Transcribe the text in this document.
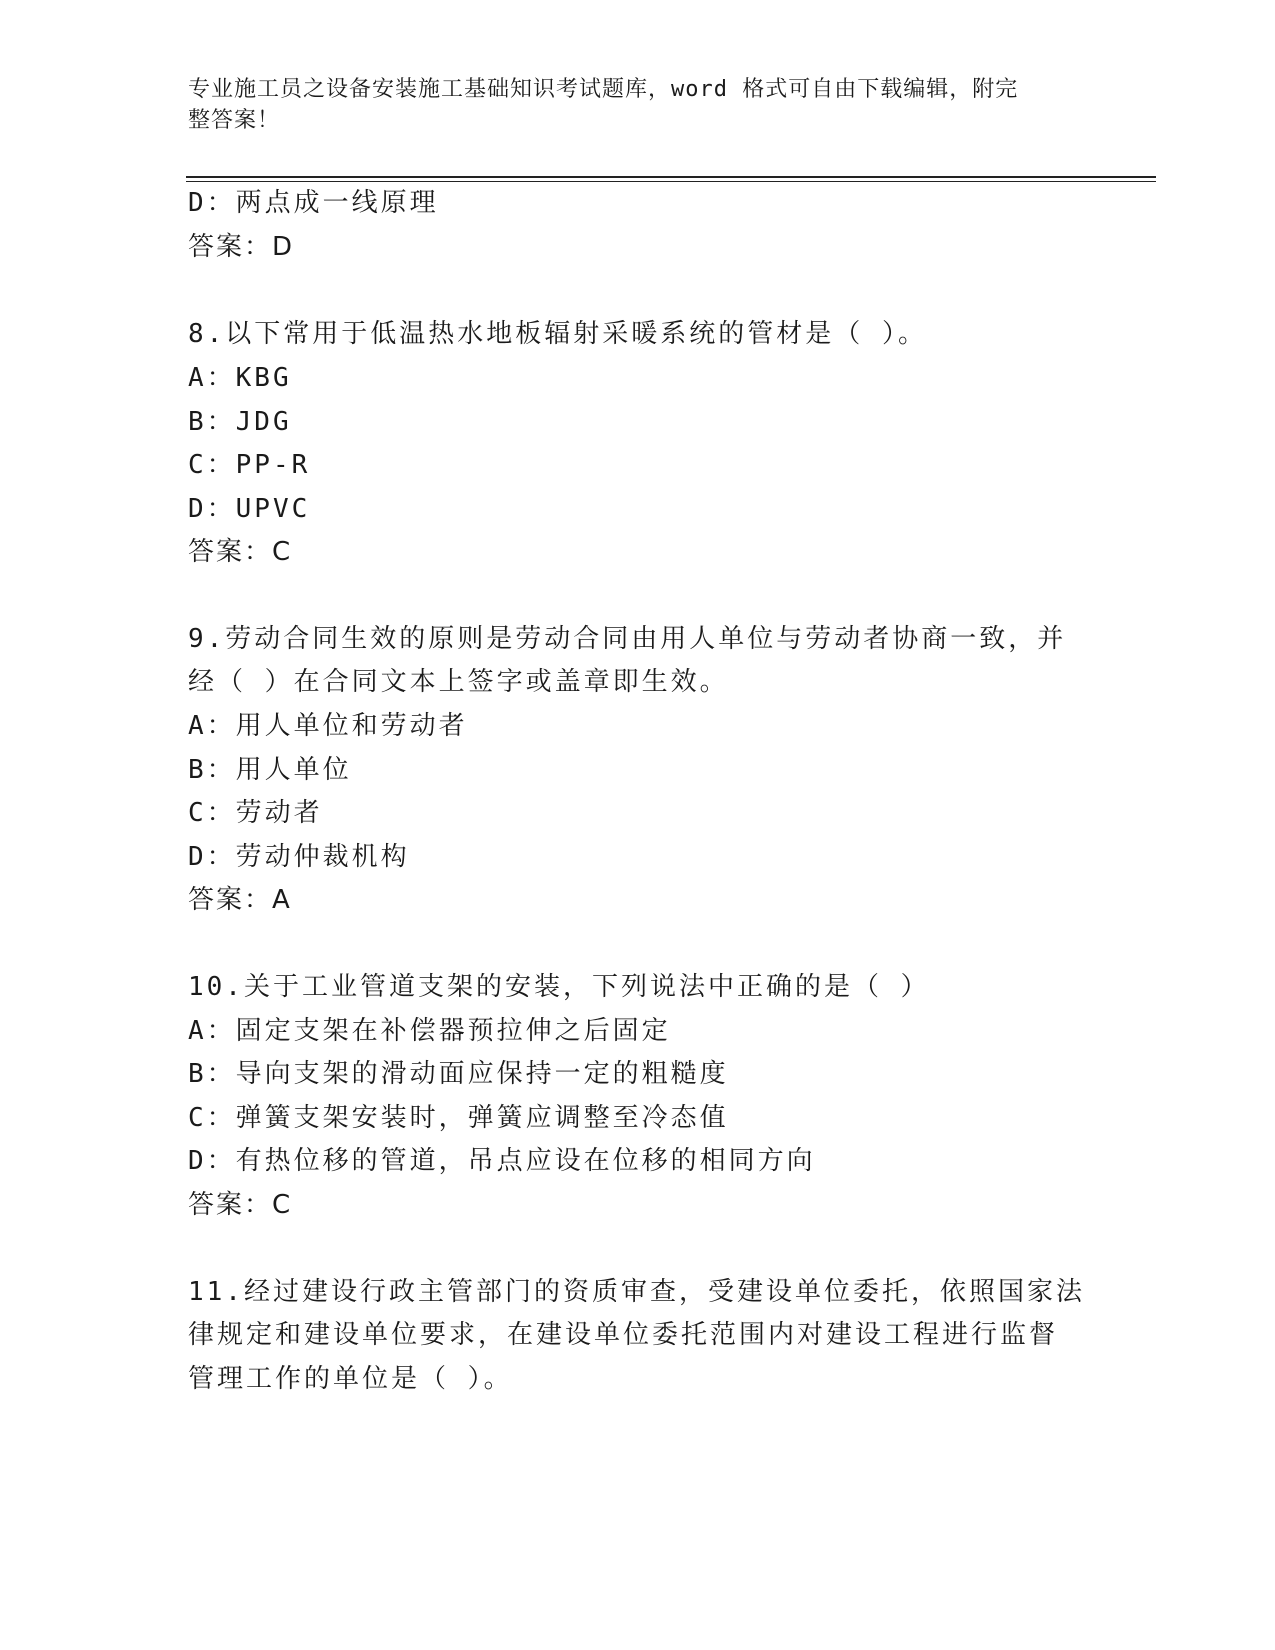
专业施工员之设备安装施工基础知识考试题库，word 格式可自由下载编辑，附完
整答案！
D：两点成一线原理
答案：D
8.以下常用于低温热水地板辐射采暖系统的管材是（ ）。
A：KBG
B：JDG
C：PP-R
D：UPVC
答案：C
9.劳动合同生效的原则是劳动合同由用人单位与劳动者协商一致，并
经（ ）在合同文本上签字或盖章即生效。
A：用人单位和劳动者
B：用人单位
C：劳动者
D：劳动仲裁机构
答案：A
10.关于工业管道支架的安装，下列说法中正确的是（ ）
A：固定支架在补偿器预拉伸之后固定
B：导向支架的滑动面应保持一定的粗糙度
C：弹簧支架安装时，弹簧应调整至冷态值
D：有热位移的管道，吊点应设在位移的相同方向
答案：C
11.经过建设行政主管部门的资质审查，受建设单位委托，依照国家法
律规定和建设单位要求，在建设单位委托范围内对建设工程进行监督
管理工作的单位是（ ）。
